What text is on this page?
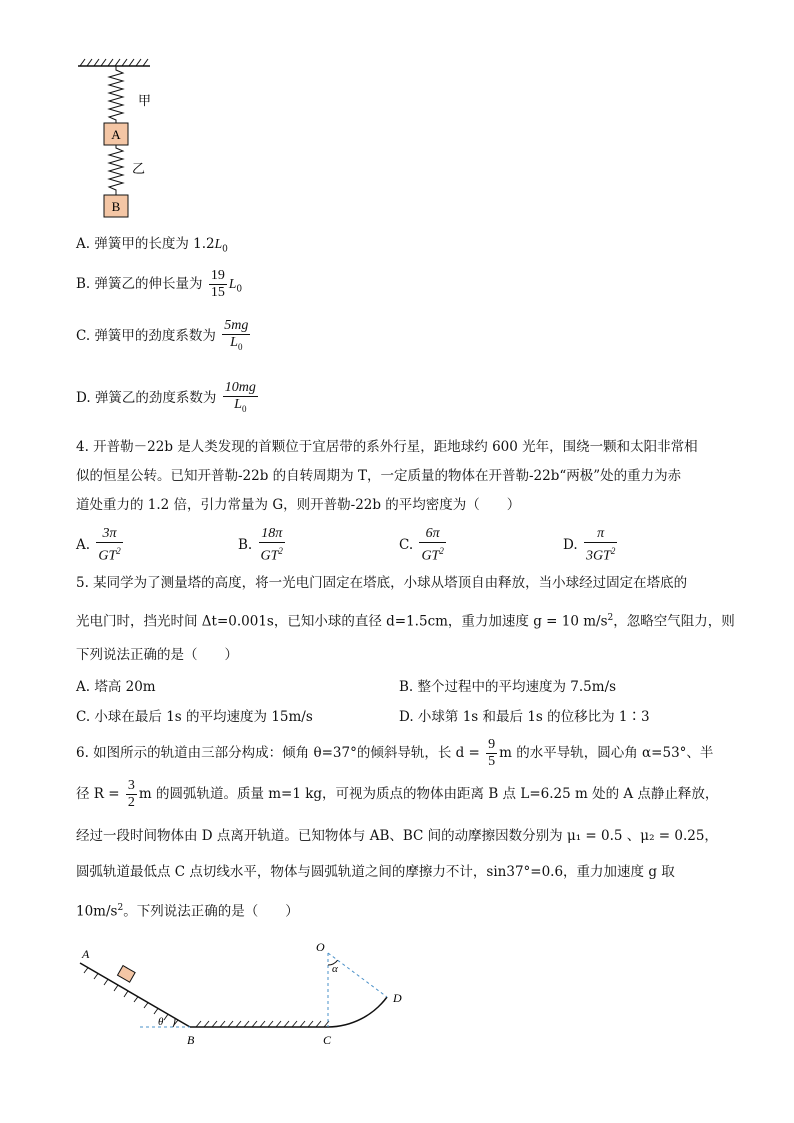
A
B
甲
乙
A. 弹簧甲的长度为 $1.2L_0$
B. 弹簧乙的伸长量为 $\frac{19}{15} L_0$
C. 弹簧甲的劲度系数为 $\frac{5mg}{L_0}$
D. 弹簧乙的劲度系数为 $\frac{10mg}{L_0}$
4. 开普勒－22b 是人类发现的首颗位于宜居带的系外行星，距地球约 600 光年，围绕一颗和太阳非常相
似的恒星公转。已知开普勒-22b 的自转周期为 T，一定质量的物体在开普勒-22b“两极”处的重力为赤
道处重力的 1.2 倍，引力常量为 G，则开普勒-22b 的平均密度为（　　）
A. $\frac{3\pi}{GT^2}$	B. $\frac{18\pi}{GT^2}$	C. $\frac{6\pi}{GT^2}$	D. $\frac{\pi}{3GT^2}$
5. 某同学为了测量塔的高度，将一光电门固定在塔底，小球从塔顶自由释放，当小球经过固定在塔底的
光电门时，挡光时间 Δt=0.001s，已知小球的直径 d=1.5cm，重力加速度 g = 10 $m/s^2$，忽略空气阻力，则
下列说法正确的是（　　）
A. 塔高 20m	B. 整个过程中的平均速度为 7.5m/s
C. 小球在最后 1s 的平均速度为 15m/s	D. 小球第 1s 和最后 1s 的位移比为 1∶3
6. 如图所示的轨道由三部分构成：倾角 θ=37°的倾斜导轨，长 $d = \frac{9}{5}$ m 的水平导轨，圆心角 α=53°、半
径 $R = \frac{3}{2}$ m 的圆弧轨道。质量 m=1 kg，可视为质点的物体由距离 B 点 L=6.25 m 处的 A 点静止释放，
经过一段时间物体由 D 点离开轨道。已知物体与 AB、BC 间的动摩擦因数分别为 μ₁ = 0.5 、μ₂ = 0.25，
圆弧轨道最低点 C 点切线水平，物体与圆弧轨道之间的摩擦力不计，sin37°=0.6，重力加速度 g 取
$10m/s^2$。下列说法正确的是（　　）
A
B	C
D
O
α
θ
